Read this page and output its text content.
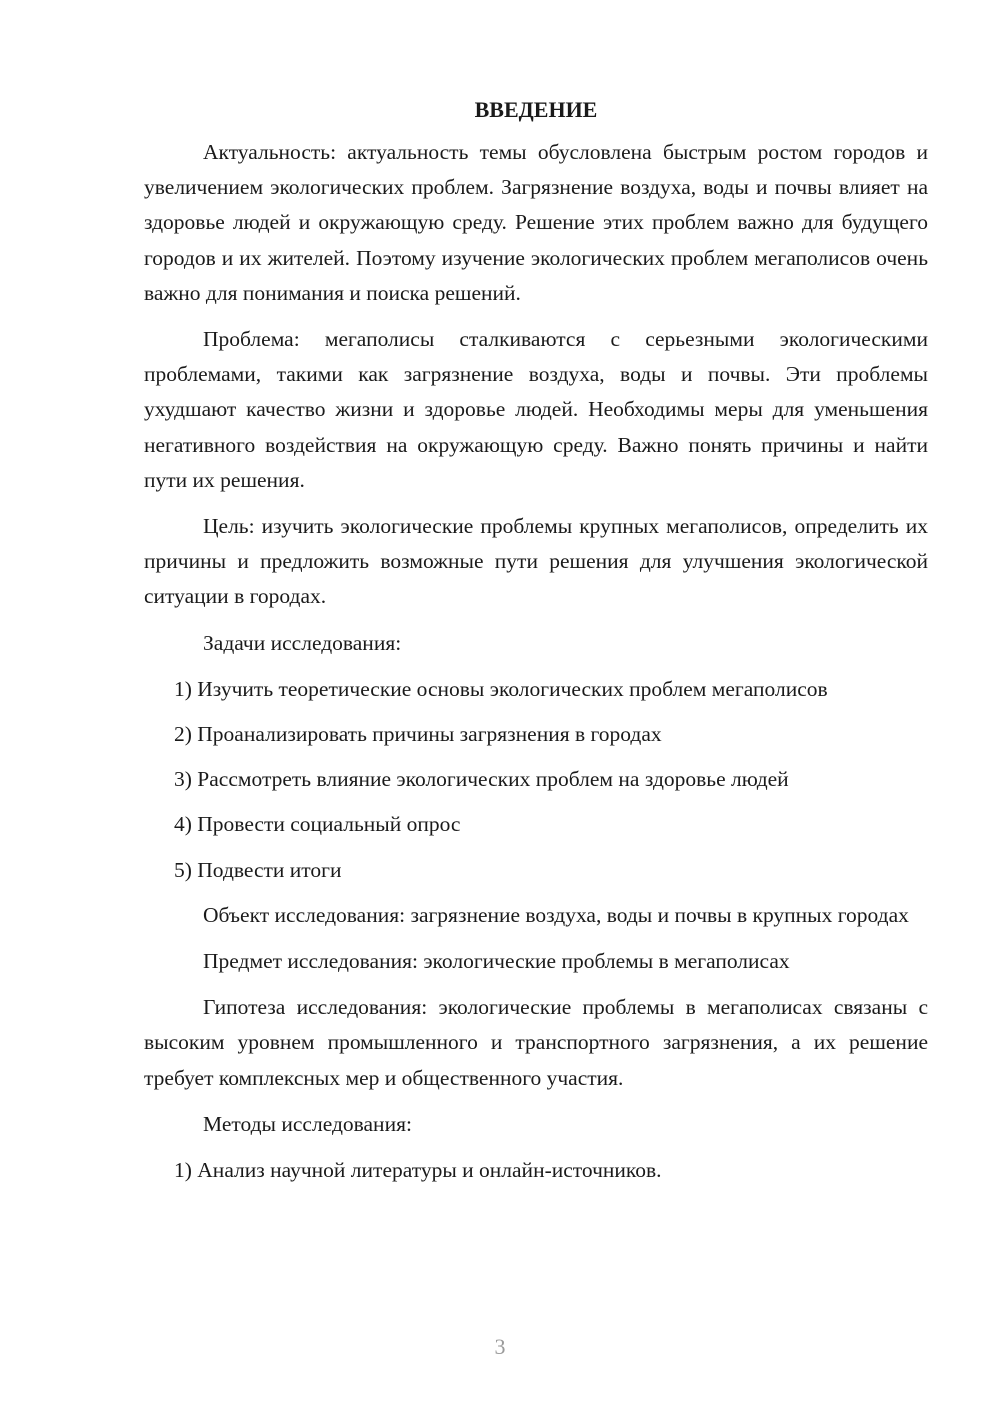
ВВЕДЕНИЕ

Актуальность: актуальность темы обусловлена быстрым ростом городов и увеличением экологических проблем. Загрязнение воздуха, воды и почвы влияет на здоровье людей и окружающую среду. Решение этих проблем важно для будущего городов и их жителей. Поэтому изучение экологических проблем мегаполисов очень важно для понимания и поиска решений.

Проблема: мегаполисы сталкиваются с серьезными экологическими проблемами, такими как загрязнение воздуха, воды и почвы. Эти проблемы ухудшают качество жизни и здоровье людей. Необходимы меры для уменьшения негативного воздействия на окружающую среду. Важно понять причины и найти пути их решения.

Цель: изучить экологические проблемы крупных мегаполисов, определить их причины и предложить возможные пути решения для улучшения экологической ситуации в городах.

Задачи исследования:

1) Изучить теоретические основы экологических проблем мегаполисов
2) Проанализировать причины загрязнения в городах
3) Рассмотреть влияние экологических проблем на здоровье людей
4) Провести социальный опрос
5) Подвести итоги

Объект исследования: загрязнение воздуха, воды и почвы в крупных городах

Предмет исследования: экологические проблемы в мегаполисах

Гипотеза исследования: экологические проблемы в мегаполисах связаны с высоким уровнем промышленного и транспортного загрязнения, а их решение требует комплексных мер и общественного участия.

Методы исследования:

1) Анализ научной литературы и онлайн-источников.
3
